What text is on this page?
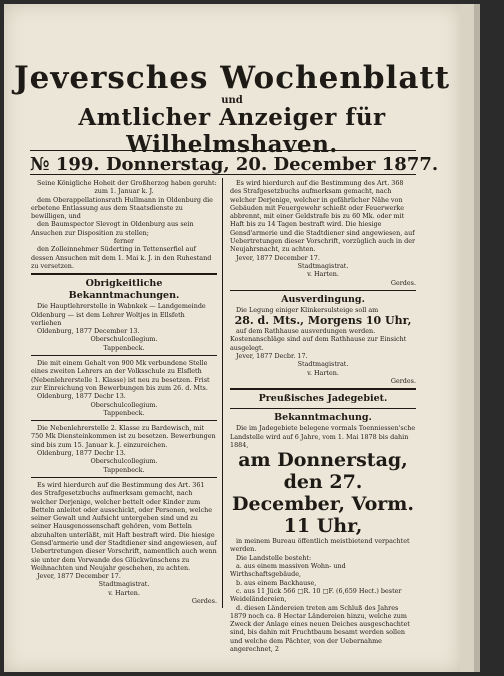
Jeversches Wochenblatt
und
Amtlicher Anzeiger für Wilhelmshaven.
№ 199. Donnerstag, 20. December 1877.

Seine Königliche Hoheit der Großherzog haben geruht:

zum 1. Januar k. J.

dem Oberappellationsrath Hullmann in Oldenburg die erbetene Entlassung aus dem Staatsdienste zu bewilligen, und

den Baumspector Slevogt in Oldenburg aus sein Ansuchen zur Disposition zu stellen;

ferner

den Zolleinnehmer Süderting in Tettenserfiel auf dessen Ansuchen mit dem 1. Mai k. J. in den Ruhestand zu versetzen.

Obrigkeitliche Bekanntmachungen.

Die Hauptlehrerstelle in Wabnkek — Landgemeinde Oldenburg — ist dem Lehrer Woltjes in Ellsfeth verliehen

Oldenburg, 1877 December 13.

Oberschulcollegium.

Tappenbeck.

Die mit einem Gehalt von 900 Mk verbundene Stelle eines zweiten Lehrers an der Volksschule zu Elsfleth (Nebenlehrerstelle 1. Klasse) ist neu zu besetzen. Frist zur Einreichung von Bewerbungen bis zum 26. d. Mts.

Oldenburg, 1877 Decbr 13.

Oberschulcollegium.

Tappenbeck.

Die Nebenlehrerstelle 2. Klasse zu Bardewisch, mit 750 Mk Diensteinkommen ist zu besetzen. Bewerbungen sind bis zum 15. Januar k. J. einzureichen.

Oldenburg, 1877 Decbr 13.

Oberschulcollegium.

Tappenbeck.

Es wird hierdurch auf die Bestimmung des Art. 361 des Strafgesetzbuchs aufmerksam gemacht, nach welcher Derjenige, welcher bettelt oder Kinder zum Betteln anleitet oder ausschickt, oder Personen, welche seiner Gewalt und Aufsicht untergeben sind und zu seiner Hausgenossenschaft gehören, vom Betteln abzuhalten unterläßt, mit Haft bestraft wird. Die hiesige Gensd'armerie und der Stadtdiener sind angewiesen, auf Uebertretungen dieser Vorschrift, namentlich auch wenn sie unter dem Vorwande des Glückwünschens zu Weihnachten und Neujahr geschehen, zu achten.

Jever, 1877 December 17.

Stadtmagistrat.

v. Harten.

Gerdes.

Es wird hierdurch auf die Bestimmung des Art. 368 des Strafgesetzbuchs aufmerksam gemacht, nach welcher Derjenige, welcher in gefährlicher Nähe von Gebäuden mit Feuergewehr schießt oder Feuerwerke abbrennt, mit einer Geldstrafe bis zu 60 Mk. oder mit Haft bis zu 14 Tagen bestraft wird. Die hiesige Gensd'armerie und die Stadtdiener sind angewiesen, auf Uebertretungen dieser Vorschrift, vorzüglich auch in der Neujahrsnacht, zu achten.

Jever, 1877 December 17.

Stadtmagistrat.

v. Harten.

Gerdes.

Ausverdingung.

Die Legung einiger Klinkersulsteige soll am

28. d. Mts., Morgens 10 Uhr,

auf dem Rathhause ausverdungen werden. Kostenanschläge sind auf dem Rathhause zur Einsicht ausgelegt.

Jever, 1877 Decbr. 17.

Stadtmagistrat.

v. Harten.

Gerdes.

Preußisches Jadegebiet.

Bekanntmachung.

Die im Jadegebiete belegene vormals Toenniessen'sche Landstelle wird auf 6 Jahre, vom 1. Mai 1878 bis dahin 1884,

am Donnerstag, den 27.

December, Vorm. 11 Uhr,

in meinem Bureau öffentlich meistbietend verpachtet werden.

Die Landstelle besteht:

a. aus einem massiven Wohn- und Wirthschaftsgebäude,

b. aus einem Backhause,

c. aus 11 Jück 566 □R. 10 □F. (6,659 Hect.) bester Weideländereien,

d. diesen Ländereien treten am Schluß des Jahres 1879 noch ca. 8 Hectar Ländereien hinzu, welche zum Zweck der Anlage eines neuen Deiches ausgeschachtet sind, bis dahin mit Fruchtbaum besamt werden sollen und welche dem Pächter, von der Uebernahme angerechnet, 2
